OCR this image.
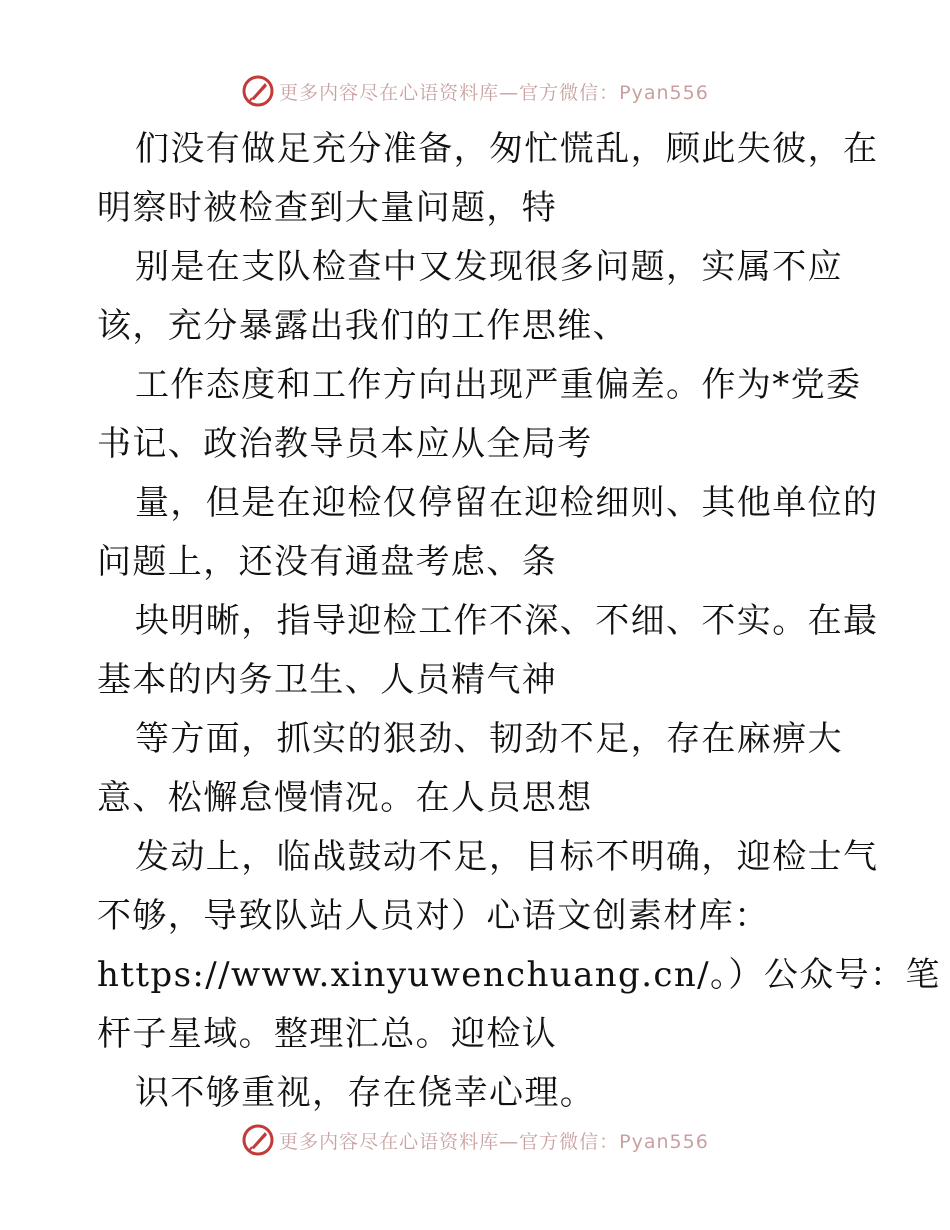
更多内容尽在心语资料库—官方微信：Pyan556
们没有做足充分准备，匆忙慌乱，顾此失彼，在
明察时被检查到大量问题，特
别是在支队检查中又发现很多问题，实属不应
该，充分暴露出我们的工作思维、
工作态度和工作方向出现严重偏差。作为*党委
书记、政治教导员本应从全局考
量，但是在迎检仅停留在迎检细则、其他单位的
问题上，还没有通盘考虑、条
块明晰，指导迎检工作不深、不细、不实。在最
基本的内务卫生、人员精气神
等方面，抓实的狠劲、韧劲不足，存在麻痹大
意、松懈怠慢情况。在人员思想
发动上，临战鼓动不足，目标不明确，迎检士气
不够，导致队站人员对）心语文创素材库：
https://www.xinyuwenchuang.cn/。）公众号：笔
杆子星域。整理汇总。迎检认
识不够重视，存在侥幸心理。
更多内容尽在心语资料库—官方微信：Pyan556
